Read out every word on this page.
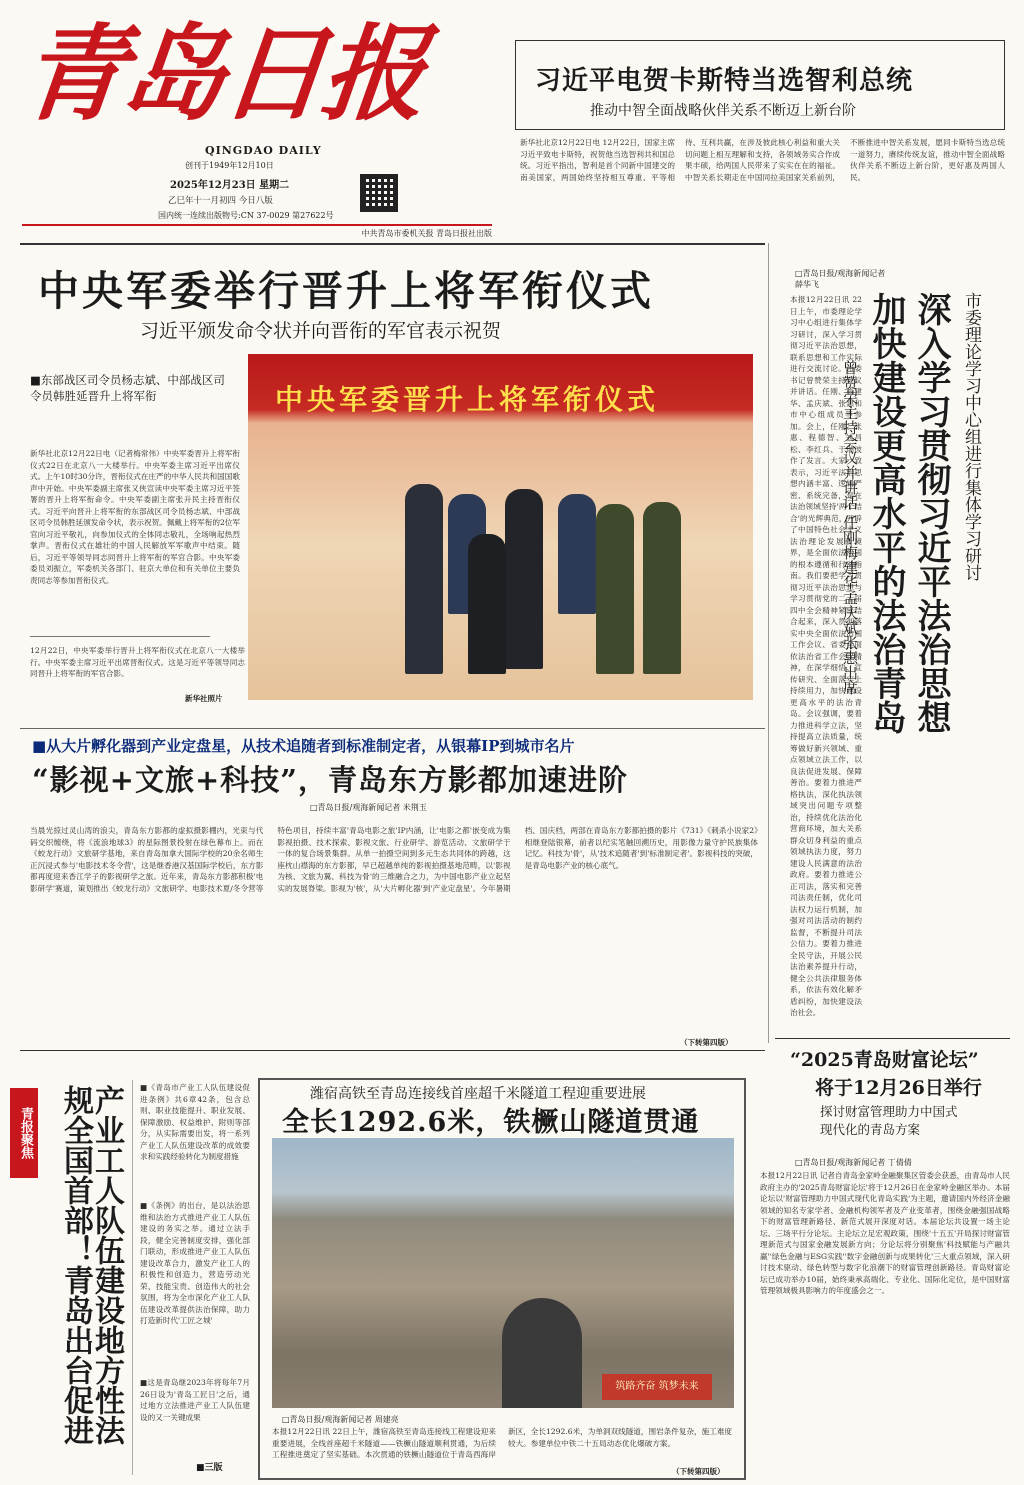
青岛日报
QINGDAO DAILY
创刊于1949年12月10日
2025年12月23日 星期二
乙巳年十一月初四 今日八版
国内统一连续出版物号:CN 37-0029 第27622号
中共青岛市委机关报 青岛日报社出版
习近平电贺卡斯特当选智利总统
推动中智全面战略伙伴关系不断迈上新台阶
新华社北京12月22日电 12月22日，国家主席习近平致电卡斯特，祝贺他当选智利共和国总统。习近平指出，智利是首个同新中国建交的南美国家，两国始终坚持相互尊重、平等相待、互利共赢，在涉及彼此核心利益和重大关切问题上相互理解和支持，各领域务实合作成果丰硕，给两国人民带来了实实在在的福祉。中智关系长期走在中国同拉美国家关系前列，不断推进中智关系发展，愿同卡斯特当选总统一道努力，赓续传统友谊，推动中智全面战略伙伴关系不断迈上新台阶，更好惠及两国人民。
中央军委举行晋升上将军衔仪式
习近平颁发命令状并向晋衔的军官表示祝贺
■东部战区司令员杨志斌、中部战区司令员韩胜延晋升上将军衔
新华社北京12月22日电（记者梅常伟）中央军委晋升上将军衔仪式22日在北京八一大楼举行。中央军委主席习近平出席仪式。上午10时30分许，晋衔仪式在庄严的中华人民共和国国歌声中开始。中央军委副主席张又侠宣读中央军委主席习近平签署的晋升上将军衔命令。中央军委副主席张升民主持晋衔仪式。习近平向晋升上将军衔的东部战区司令员杨志斌、中部战区司令员韩胜延颁发命令状，表示祝贺。佩戴上将军衔的2位军官向习近平敬礼，向参加仪式的全体同志敬礼，全场响起热烈掌声。晋衔仪式在雄壮的中国人民解放军军歌声中结束。随后，习近平等领导同志同晋升上将军衔的军官合影。中央军委委员刘振立，军委机关各部门、驻京大单位和有关单位主要负责同志等参加晋衔仪式。
12月22日，中央军委举行晋升上将军衔仪式在北京八一大楼举行。中央军委主席习近平出席晋衔仪式。这是习近平等领导同志同晋升上将军衔的军官合影。
新华社照片
中央军委晋升上将军衔仪式
□青岛日报/观海新闻记者 薛华飞
本报12月22日讯 22日上午，市委理论学习中心组进行集体学习研讨，深入学习贯彻习近平法治思想，联系思想和工作实际进行交流讨论。市委书记曾赞荣主持会议并讲话。任刚、梅建华、孟庆斌、张惠和市中心组成员等参加。会上，任刚、张惠、程德智、刘昌松、李红兵、于瑞波作了发言。大家一致表示，习近平法治思想内涵丰富、逻辑严密、系统完备，是在法治领域坚持'两个结合'的光辉典范，开辟了中国特色社会主义法治理论发展新境界，是全面依法治国的根本遵循和行动指南。我们要把学习贯彻习近平法治思想与学习贯彻党的二十届四中全会精神紧密结合起来，深入贯彻落实中央全面依法治国工作会议、省委全面依法治省工作会议精神，在深学细悟、宣传研究、全面落实上持续用力，加快建设更高水平的法治青岛。会议强调，要着力推进科学立法，坚持提高立法质量，统筹做好新兴领域、重点领域立法工作，以良法促进发展、保障善治。要着力推进严格执法，深化执法领域突出问题专项整治，持续优化法治化营商环境，加大关系群众切身利益的重点领域执法力度，努力建设人民满意的法治政府。要着力推进公正司法，落实和完善司法责任制，优化司法权力运行机制，加强对司法活动的制约监督，不断提升司法公信力。要着力推进全民守法，开展公民法治素养提升行动，健全公共法律服务体系，依法有效化解矛盾纠纷，加快建设法治社会。
市委理论学习中心组进行集体学习研讨
深入学习贯彻习近平法治思想
加快建设更高水平的法治青岛
曾赞荣主持会议并讲话 任刚梅建华孟庆斌张惠出席
■从大片孵化器到产业定盘星，从技术追随者到标准制定者，从银幕IP到城市名片
“影视+文旅+科技”，青岛东方影都加速进阶
□青岛日报/观海新闻记者 米荆玉
当晨光掠过灵山湾的浪尖，青岛东方影都的虚拟摄影棚内，光束与代码交织缠绕，将《流浪地球3》的星际图景投射在绿色幕布上。而在《蛟龙行动》文旅研学基地，来自青岛加拿大国际学校的20余名师生正沉浸式参与'电影技术冬令营'，这是继香港汉基国际学校后，东方影都再度迎来香江学子的影视研学之旅。近年来，青岛东方影都积极'电影研学'赛道，策划推出《蛟龙行动》文旅研学、电影技术夏/冬令营等特色项目，持续丰富'青岛电影之旅'IP内涵，让'电影之都'嵌变成为集影视拍摄、技术探索、影视文旅、行业研学、游览活动、文旅研学于一体的复合场景集群。从单一拍摄空间到多元生态共同体的跨越，这座枕山襟海的东方影都，早已超越单纯的影视拍摄基地范畴，以'影视为核、文旅为翼、科技为骨'的三维融合之力，为中国电影产业立起坚实的发展脊梁。影视为'核'，从'大片孵化器'到'产业定盘星'。今年暑期档、国庆档，两部在青岛东方影都拍摄的影片《731》《刺杀小说家2》相继登陆银幕，前者以纪实笔触回溯历史，用影像力量守护民族集体记忆。科技为'骨'，从'技术追随者'到'标准制定者'。影视科技的突破，是青岛电影产业的核心底气。
（下转第四版）
“2025青岛财富论坛”
将于12月26日举行
探讨财富管理助力中国式
现代化的青岛方案
□青岛日报/观海新闻记者 丁倩倩
本报12月22日讯 记者自青岛金家岭金融聚集区管委会获悉，由青岛市人民政府主办的'2025青岛财富论坛'将于12月26日在金家岭金融区举办。本届论坛以'财富管理助力中国式现代化青岛实践'为主题，邀请国内外经济金融领域的知名专家学者、金融机构领军者及产业变革者，围绕金融强国战略下的财富管理新路径、新范式展开深度对话。本届论坛共设置一场主论坛、三场平行分论坛。主论坛立足宏观政策，围绕'十五五'开局探讨财富管理新范式与国家金融发展新方向；分论坛将分别聚焦'科技赋能与产融共赢''绿色金融与ESG实践''数字金融创新与成果转化'三大重点领域，深入研讨技术驱动、绿色转型与数字化浪潮下的财富管理创新路径。青岛财富论坛已成功举办10届，始终秉承高端化、专业化、国际化定位，是中国财富管理领域极具影响力的年度盛会之一。
潍宿高铁至青岛连接线首座超千米隧道工程迎重要进展
全长1292.6米，铁橛山隧道贯通
筑路齐奋 筑梦未来
□青岛日报/观海新闻记者 周建亮
本报12月22日讯 22日上午，潍宿高铁至青岛连接线工程建设迎来重要进展，全线首座超千米隧道——铁橛山隧道顺利贯通，为后续工程推进奠定了坚实基础。本次贯通的铁橛山隧道位于青岛西海岸新区，全长1292.6米，为单洞双线隧道，围岩条件复杂，施工难度较大。参建单位中铁二十五局动态优化爆破方案。
（下转第四版）
青报聚焦	产业工人队伍建设地方性法规全国首部！青岛出台促进	■《青岛市产业工人队伍建设促进条例》共6章42条，包含总则、职业技能提升、职业发展、保障激励、权益维护、附则等部分，从实际需要出发，将一系列产业工人队伍建设改革的成效要求和实践经验转化为制度措施
■《条例》的出台，是以法治思维和法治方式推进产业工人队伍建设的务实之举。通过立法手段，健全完善制度安排，强化部门联动，形成推进产业工人队伍建设改革合力，激发产业工人的积极性和创造力，营造劳动光荣、技能宝贵、创造伟大的社会氛围，将为全市深化产业工人队伍建设改革提供法治保障，助力打造新时代'工匠之城'
■这是青岛继2023年将每年7月26日设为'青岛工匠日'之后，通过地方立法推进产业工人队伍建设的又一关键成果
■三版
